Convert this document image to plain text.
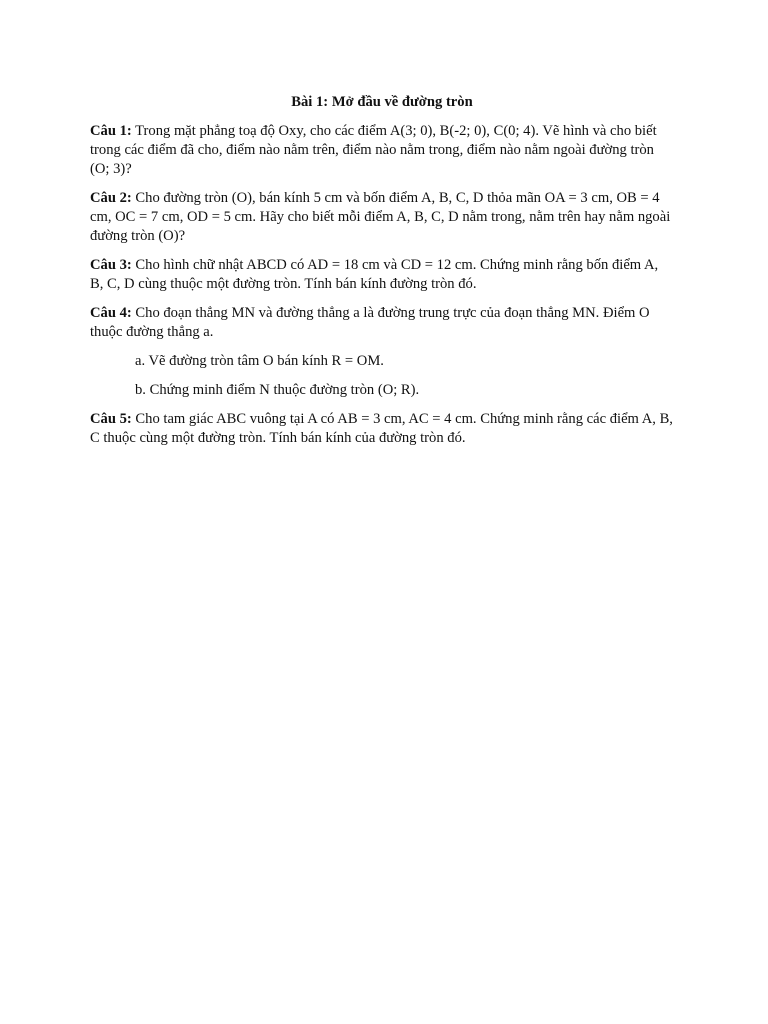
Bài 1: Mở đầu về đường tròn

Câu 1: Trong mặt phẳng toạ độ Oxy, cho các điểm A(3; 0), B(-2; 0), C(0; 4). Vẽ hình và cho biết trong các điểm đã cho, điểm nào nằm trên, điểm nào nằm trong, điểm nào nằm ngoài đường tròn (O; 3)?

Câu 2: Cho đường tròn (O), bán kính 5 cm và bốn điểm A, B, C, D thỏa mãn OA = 3 cm, OB = 4 cm, OC = 7 cm, OD = 5 cm. Hãy cho biết mỗi điểm A, B, C, D nằm trong, nằm trên hay nằm ngoài đường tròn (O)?

Câu 3: Cho hình chữ nhật ABCD có AD = 18 cm và CD = 12 cm. Chứng minh rằng bốn điểm A, B, C, D cùng thuộc một đường tròn. Tính bán kính đường tròn đó.

Câu 4: Cho đoạn thẳng MN và đường thẳng a là đường trung trực của đoạn thẳng MN. Điểm O thuộc đường thẳng a.

a. Vẽ đường tròn tâm O bán kính R = OM.

b. Chứng minh điểm N thuộc đường tròn (O; R).

Câu 5: Cho tam giác ABC vuông tại A có AB = 3 cm, AC = 4 cm. Chứng minh rằng các điểm A, B, C thuộc cùng một đường tròn. Tính bán kính của đường tròn đó.
